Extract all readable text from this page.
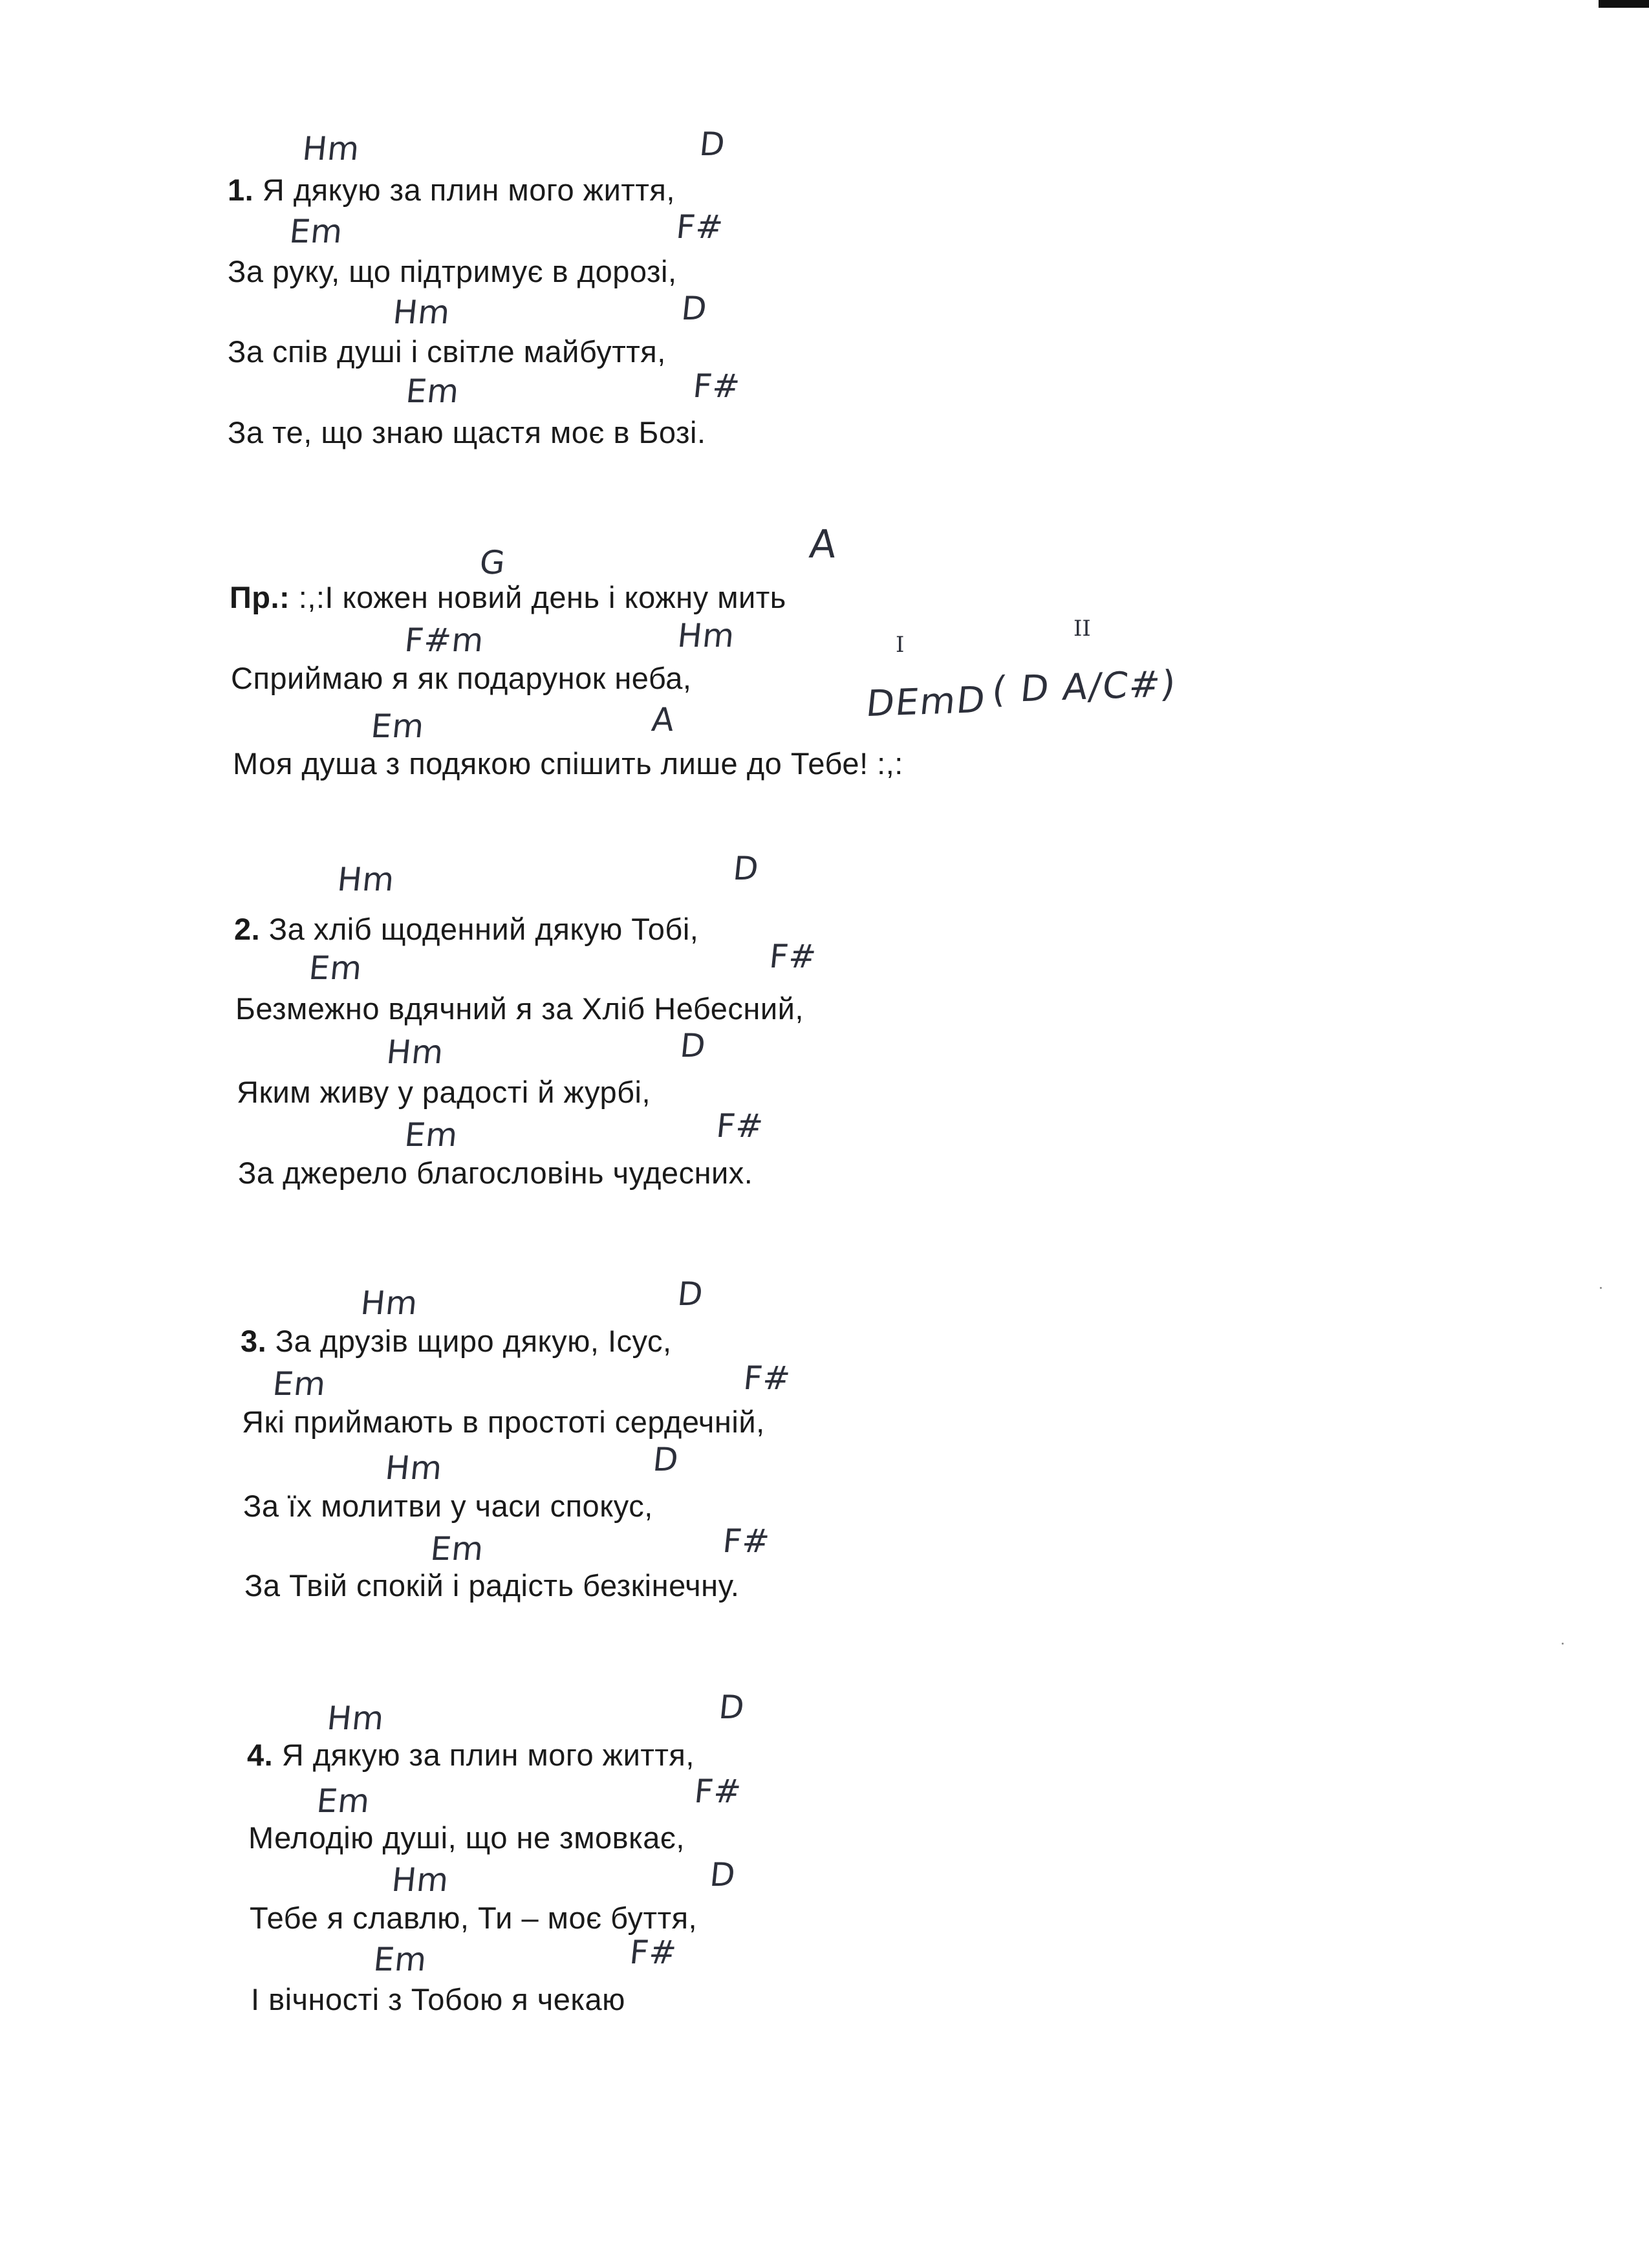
Hm	D
1. Я дякую за плин мого життя,
Em	F#
За руку, що підтримує в дорозі,
Hm	D
За спів душі і світле майбуття,
Em	F#
За те, що знаю щастя моє в Бозі.
G	A
Пр.: :,:І кожен новий день і кожну мить
F#m	Hm
Сприймаю я як подарунок неба,
Em	A
Моя душа з подякою спішить лише до Тебе! :,:
I
II
DEmD ( D A/C#)
Hm	D
2. За хліб щоденний дякую Тобі,
Em	F#
Безмежно вдячний я за Хліб Небесний,
Hm	D
Яким живу у радості й журбі,
Em	F#
За джерело благословінь чудесних.
Hm	D
3. За друзів щиро дякую, Ісус,
Em	F#
Які приймають в простоті сердечній,
Hm	D
За їх молитви у часи спокус,
Em	F#
За Твій спокій і радість безкінечну.
Hm	D
4. Я дякую за плин мого життя,
Em	F#
Мелодію душі, що не змовкає,
Hm	D
Тебе я славлю, Ти – моє буття,
Em	F#
І вічності з Тобою я чекаю
